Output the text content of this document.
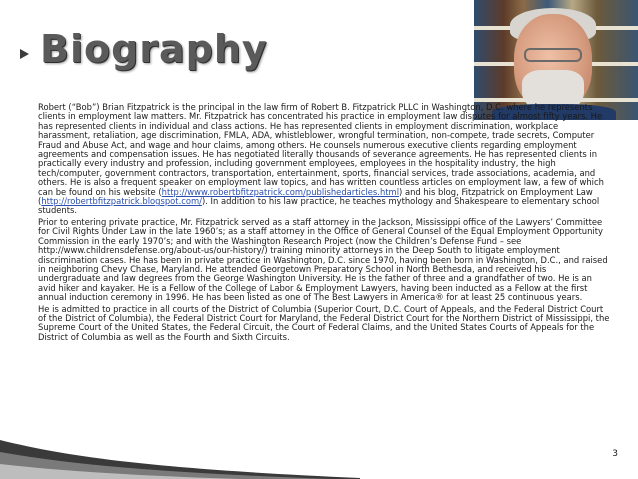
Biography

Robert (“Bob”) Brian Fitzpatrick is the principal in the law firm of Robert B. Fitzpatrick PLLC in Washington, D.C. where he represents clients in employment law matters. Mr. Fitzpatrick has concentrated his practice in employment law disputes for almost fifty years. He has represented clients in individual and class actions. He has represented clients in employment discrimination, workplace harassment, retaliation, age discrimination, FMLA, ADA, whistleblower, wrongful termination, non-compete, trade secrets, Computer Fraud and Abuse Act, and wage and hour claims, among others. He counsels numerous executive clients regarding employment agreements and compensation issues. He has negotiated literally thousands of severance agreements. He has represented clients in practically every industry and profession, including government employees, employees in the hospitality industry, the high tech/computer, government contractors, transportation, entertainment, sports, financial services, trade associations, academia, and others. He is also a frequent speaker on employment law topics, and has written countless articles on employment law, a few of which can be found on his website (http://www.robertbfitzpatrick.com/publishedarticles.html) and his blog, Fitzpatrick on Employment Law (http://robertbfitzpatrick.blogspot.com/). In addition to his law practice, he teaches mythology and Shakespeare to elementary school students.

Prior to entering private practice, Mr. Fitzpatrick served as a staff attorney in the Jackson, Mississippi office of the Lawyers’ Committee for Civil Rights Under Law in the late 1960’s; as a staff attorney in the Office of General Counsel of the Equal Employment Opportunity Commission in the early 1970’s; and with the Washington Research Project (now the Children’s Defense Fund – see http://www.childrensdefense.org/about-us/our-history/) training minority attorneys in the Deep South to litigate employment discrimination cases. He has been in private practice in Washington, D.C. since 1970, having been born in Washington, D.C., and raised in neighboring Chevy Chase, Maryland. He attended Georgetown Preparatory School in North Bethesda, and received his undergraduate and law degrees from the George Washington University. He is the father of three and a grandfather of two. He is an avid hiker and kayaker. He is a Fellow of the College of Labor & Employment Lawyers, having been inducted as a Fellow at the first annual induction ceremony in 1996. He has been listed as one of The Best Lawyers in America® for at least 25 continuous years.

He is admitted to practice in all courts of the District of Columbia (Superior Court, D.C. Court of Appeals, and the Federal District Court of the District of Columbia), the Federal District Court for Maryland, the Federal District Court for the Northern District of Mississippi, the Supreme Court of the United States, the Federal Circuit, the Court of Federal Claims, and the United States Courts of Appeals for the District of Columbia as well as the Fourth and Sixth Circuits.

3
